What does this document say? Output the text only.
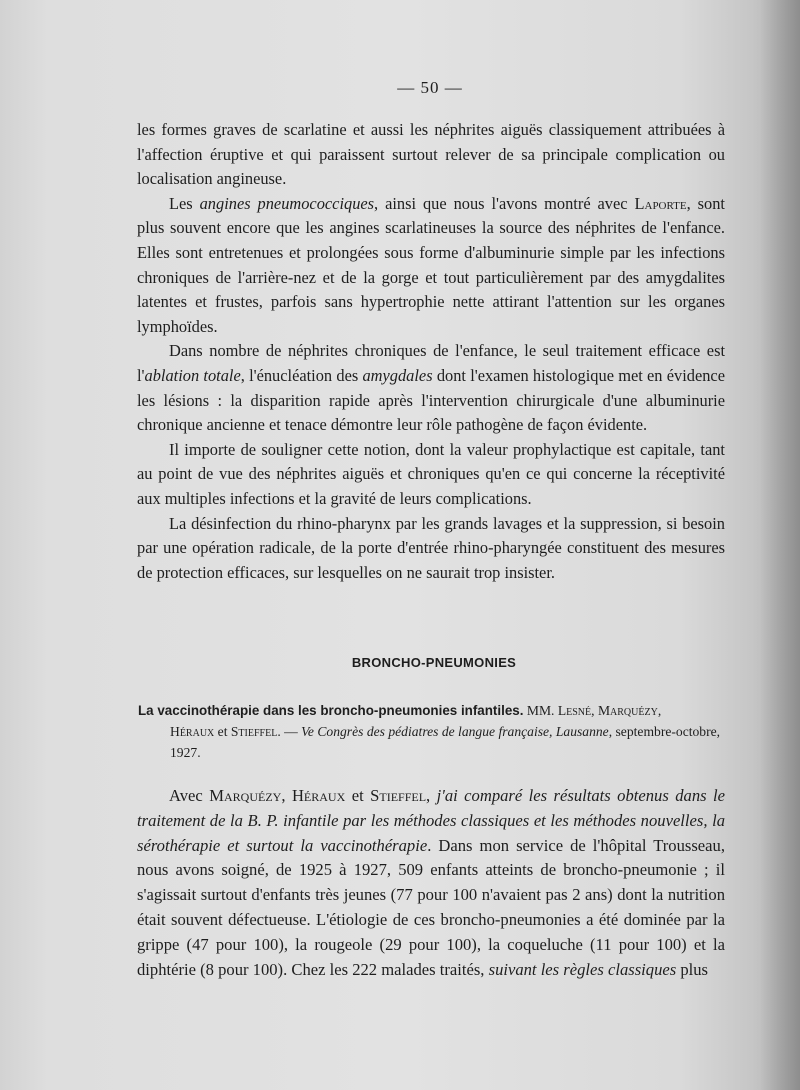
— 50 —

les formes graves de scarlatine et aussi les néphrites aiguës classiquement attribuées à l'affection éruptive et qui paraissent surtout relever de sa principale complication ou localisation angineuse.

Les angines pneumococciques, ainsi que nous l'avons montré avec Laporte, sont plus souvent encore que les angines scarlatineuses la source des néphrites de l'enfance. Elles sont entretenues et prolongées sous forme d'albuminurie simple par les infections chroniques de l'arrière-nez et de la gorge et tout particulièrement par des amygdalites latentes et frustes, parfois sans hypertrophie nette attirant l'attention sur les organes lymphoïdes.

Dans nombre de néphrites chroniques de l'enfance, le seul traitement efficace est l'ablation totale, l'énucléation des amygdales dont l'examen histologique met en évidence les lésions : la disparition rapide après l'intervention chirurgicale d'une albuminurie chronique ancienne et tenace démontre leur rôle pathogène de façon évidente.

Il importe de souligner cette notion, dont la valeur prophylactique est capitale, tant au point de vue des néphrites aiguës et chroniques qu'en ce qui concerne la réceptivité aux multiples infections et la gravité de leurs complications.

La désinfection du rhino-pharynx par les grands lavages et la suppression, si besoin par une opération radicale, de la porte d'entrée rhino-pharyngée constituent des mesures de protection efficaces, sur lesquelles on ne saurait trop insister.

BRONCHO-PNEUMONIES
La vaccinothérapie dans les broncho-pneumonies infantiles. MM. Lesné, Marquézy,
Héraux et Stieffel. — Ve Congrès des pédiatres de langue française, Lausanne, septembre-octobre, 1927.

Avec Marquézy, Héraux et Stieffel, j'ai comparé les résultats obtenus dans le traitement de la B. P. infantile par les méthodes classiques et les méthodes nouvelles, la sérothérapie et surtout la vaccinothérapie. Dans mon service de l'hôpital Trousseau, nous avons soigné, de 1925 à 1927, 509 enfants atteints de broncho-pneumonie ; il s'agissait surtout d'enfants très jeunes (77 pour 100 n'avaient pas 2 ans) dont la nutrition était souvent défectueuse. L'étiologie de ces broncho-pneumonies a été dominée par la grippe (47 pour 100), la rougeole (29 pour 100), la coqueluche (11 pour 100) et la diphtérie (8 pour 100). Chez les 222 malades traités, suivant les règles classiques plus
